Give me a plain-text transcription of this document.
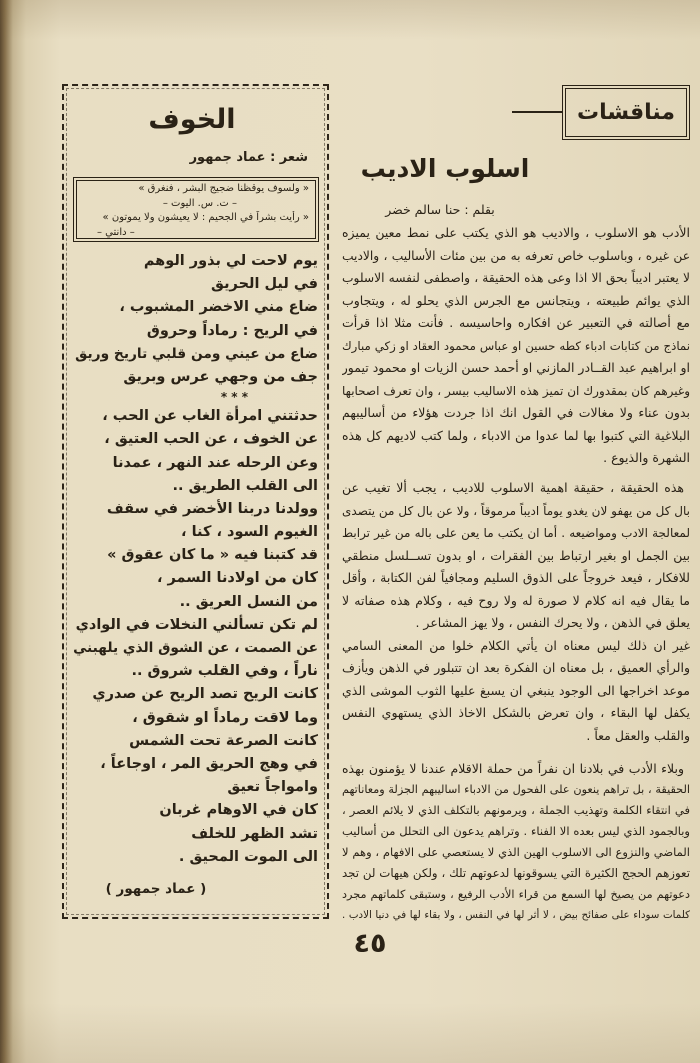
مناقشات
اسلوب الاديب
بقلم : حنا سالم خضر
الأدب هو الاسلوب ، والاديب هو الذي يكتب على نمط معين يميزه
عن غيره ، وباسلوب خاص تعرفه به من بين مئات الأساليب ، والاديب
لا يعتبر اديباً بحق الا اذا وعى هذه الحقيقة ، واصطفى لنفسه الاسلوب
الذي يوائم طبيعته ، ويتجانس مع الجرس الذي يحلو له ، ويتجاوب
مع أصالته في التعبير عن افكاره واحاسيسه . فأنت مثلا اذا قرأت
نماذج من كتابات ادباء كطه حسين او عباس محمود العقاد او زكي مبارك
او ابراهيم عبد القــادر المازني او أحمد حسن الزيات او محمود تيمور
وغيرهم كان بمقدورك ان تميز هذه الاساليب بيسر ، وان تعرف اصحابها
بدون عناء ولا مغالات في القول انك اذا جردت هؤلاء من أساليبهم
البلاغية التي كتبوا بها لما عدوا من الادباء ، ولما كتب لاديهم كل هذه
الشهرة والذيوع .
هذه الحقيقة ، حقيقة اهمية الاسلوب للاديب ، يجب ألا تغيب عن
بال كل من يهفو لان يغدو يوماً اديباً مرموقاً ، ولا عن بال كل من يتصدى
لمعالجة الادب ومواضيعه . أما ان يكتب ما يعن على باله من غير ترابط
بين الجمل او بغير ارتباط بين الفقرات ، او بدون تســلسل منطقي
للافكار ، فيعد خروجاً على الذوق السليم ومجافياً لفن الكتابة ، وأقل
ما يقال فيه انه كلام لا صورة له ولا روح فيه ، وكلام هذه صفاته لا
يعلق في الذهن ، ولا يحرك النفس ، ولا يهز المشاعر .
غير ان ذلك ليس معناه ان يأتي الكلام خلوا من المعنى السامي
والرأي العميق ، بل معناه ان الفكرة بعد ان تتبلور في الذهن ويأزف
موعد اخراجها الى الوجود ينبغي ان يسبغ عليها الثوب الموشى الذي
يكفل لها البقاء ، وان تعرض بالشكل الاخاذ الذي يستهوي النفس
والقلب والعقل معاً .
وبلاء الأدب في بلادنا ان نفراً من حملة الاقلام عندنا لا يؤمنون بهذه
الحقيقة ، بل تراهم ينعون على الفحول من الادباء اساليبهم الجزلة ومعاناتهم
في انتقاء الكلمة وتهذيب الجملة ، ويرمونهم بالتكلف الذي لا يلائم العصر ،
وبالجمود الذي ليس بعده الا الفناء . وتراهم يدعون الى التحلل من أساليب
الماضي والنزوع الى الاسلوب الهين الذي لا يستعصي على الافهام ، وهم لا
تعوزهم الحجج الكثيرة التي يسوقونها لدعوتهم تلك ، ولكن هيهات لن تجد
دعوتهم من يصيخ لها السمع من قراء الأدب الرفيع ، وستبقى كلماتهم مجرد
كلمات سوداء على صفائح بيض ، لا أثر لها في النفس ، ولا بقاء لها في دنيا الادب .
الخوف
شعر : عماد جمهور
« ولسوف يوقظنا ضجيج البشر ، فنغرق »
– ت. س. اليوت –
« رأيت بشراً في الجحيم : لا يعيشون ولا يموتون »
– دانتي –
يوم لاحت لي بذور الوهم
في ليل الحريق
ضاع مني الاخضر المشبوب ،
في الريح : رماداً وحروق
ضاع من عيني ومن قلبي تاريخ وريق
جف من وجهي عرس وبريق
* * *
حدثتني امرأة الغاب عن الحب ،
عن الخوف ، عن الحب العتيق ،
وعن الرحله عند النهر ، عمدنا
الى القلب الطريق ..
وولدنا دربنا الأخضر في سقف
الغيوم السود ، كنا ،
قد كتبنا فيه « ما كان عقوق »
كان من اولادنا السمر ،
من النسل العريق ..
لم تكن تسألني النخلات في الوادي
عن الصمت ، عن الشوق الذي يلهبني
ناراً ، وفي القلب شروق ..
كانت الريح تصد الريح عن صدري
وما لاقت رماداً او شقوق ،
كانت الصرعة تحت الشمس
في وهج الحريق المر ، اوجاعاً ،
وامواجاً تعيق
كان في الاوهام غربان
تشد الظهر للخلف
الى الموت المحيق .
( عماد جمهور )
٤٥
